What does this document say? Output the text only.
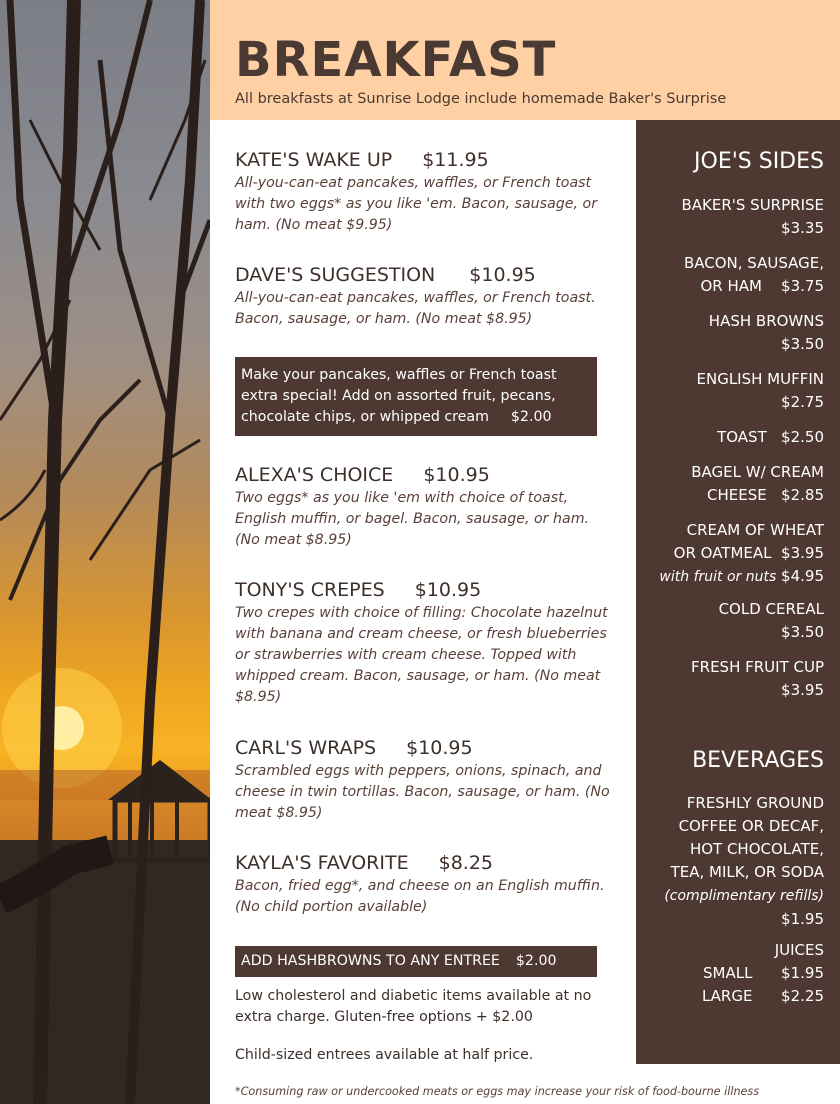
BREAKFAST
All breakfasts at Sunrise Lodge include homemade Baker's Surprise
KATE'S WAKE UP $11.95
All-you-can-eat pancakes, waffles, or French toast with two eggs* as you like 'em. Bacon, sausage, or ham. (No meat $9.95)
DAVE'S SUGGESTION $10.95
All-you-can-eat pancakes, waffles, or French toast. Bacon, sausage, or ham. (No meat $8.95)
Make your pancakes, waffles or French toast extra special! Add on assorted fruit, pecans, chocolate chips, or whipped cream $2.00
ALEXA'S CHOICE $10.95
Two eggs* as you like 'em with choice of toast, English muffin, or bagel. Bacon, sausage, or ham. (No meat $8.95)
TONY'S CREPES $10.95
Two crepes with choice of filling: Chocolate hazelnut with banana and cream cheese, or fresh blueberries or strawberries with cream cheese. Topped with whipped cream. Bacon, sausage, or ham. (No meat $8.95)
CARL'S WRAPS $10.95
Scrambled eggs with peppers, onions, spinach, and cheese in twin tortillas. Bacon, sausage, or ham. (No meat $8.95)
KAYLA'S FAVORITE $8.25
Bacon, fried egg*, and cheese on an English muffin. (No child portion available)
ADD HASHBROWNS TO ANY ENTREE $2.00
Low cholesterol and diabetic items available at no extra charge. Gluten-free options + $2.00
Child-sized entrees available at half price.
*Consuming raw or undercooked meats or eggs may increase your risk of food-bourne illness
JOE'S SIDES
BAKER'S SURPRISE
$3.35
BACON, SAUSAGE,
OR HAM $3.75
HASH BROWNS
$3.50
ENGLISH MUFFIN
$2.75
TOAST $2.50
BAGEL W/ CREAM
CHEESE $2.85
CREAM OF WHEAT
OR OATMEAL $3.95
with fruit or nuts $4.95
COLD CEREAL
$3.50
FRESH FRUIT CUP
$3.95
BEVERAGES
FRESHLY GROUND
COFFEE OR DECAF,
HOT CHOCOLATE,
TEA, MILK, OR SODA
(complimentary refills)
$1.95
JUICES
SMALL $1.95
LARGE $2.25
